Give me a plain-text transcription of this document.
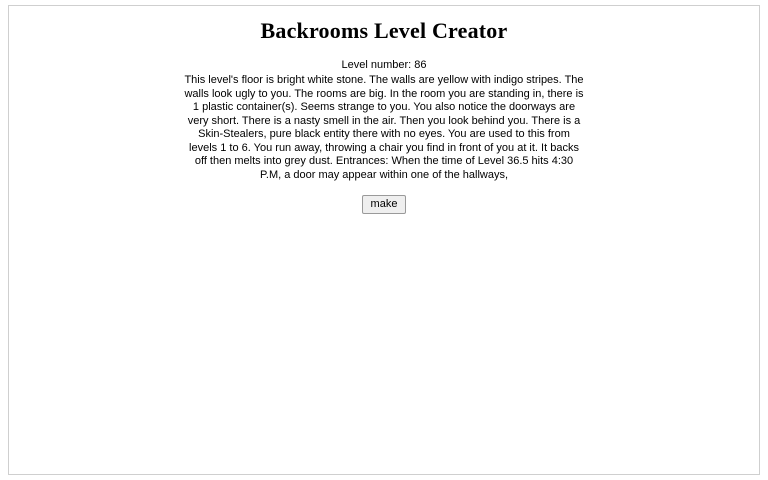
Backrooms Level Creator

Level number: 86

This level's floor is bright white stone. The walls are yellow with indigo stripes. The walls look ugly to you. The rooms are big. In the room you are standing in, there is 1 plastic container(s). Seems strange to you. You also notice the doorways are very short. There is a nasty smell in the air. Then you look behind you. There is a Skin-Stealers, pure black entity there with no eyes. You are used to this from levels 1 to 6. You run away, throwing a chair you find in front of you at it. It backs off then melts into grey dust. Entrances: When the time of Level 36.5 hits 4:30 P.M, a door may appear within one of the hallways,

make
